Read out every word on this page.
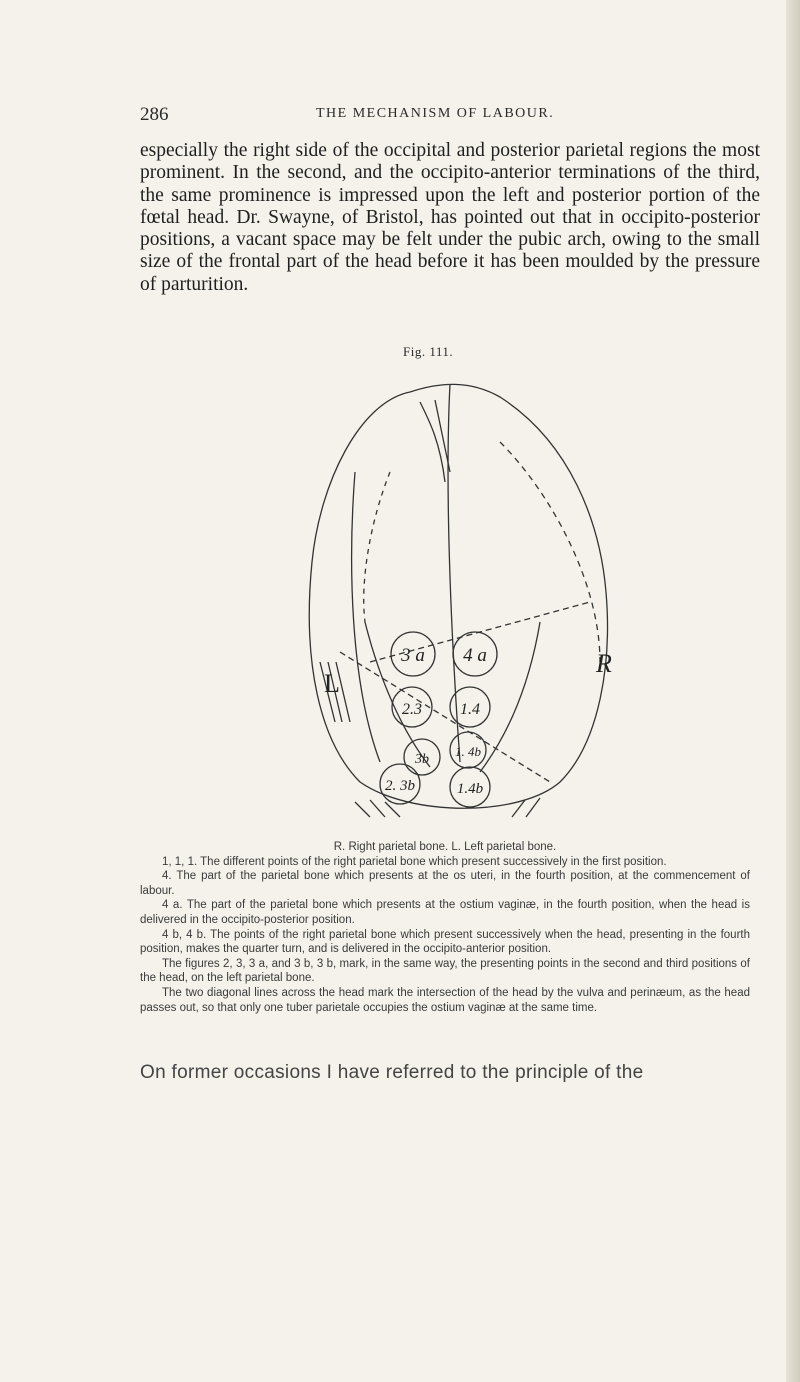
286	THE MECHANISM OF LABOUR.

especially the right side of the occipital and posterior parietal regions the most prominent. In the second, and the occipito-anterior terminations of the third, the same prominence is impressed upon the left and posterior portion of the fœtal head. Dr. Swayne, of Bristol, has pointed out that in occipito-posterior positions, a vacant space may be felt under the pubic arch, owing to the small size of the frontal part of the head before it has been moulded by the pressure of parturition.

Fig. 111.
L
R
3 a 4 a
2.3 1.4
3b
1. 4b
2. 3b	1.4b

R. Right parietal bone. L. Left parietal bone.

1, 1, 1. The different points of the right parietal bone which present successively in the first position.

4. The part of the parietal bone which presents at the os uteri, in the fourth position, at the commencement of labour.

4 a. The part of the parietal bone which presents at the ostium vaginæ, in the fourth position, when the head is delivered in the occipito-posterior position.

4 b, 4 b. The points of the right parietal bone which present successively when the head, presenting in the fourth position, makes the quarter turn, and is delivered in the occipito-anterior position.

The figures 2, 3, 3 a, and 3 b, 3 b, mark, in the same way, the presenting points in the second and third positions of the head, on the left parietal bone.

The two diagonal lines across the head mark the intersection of the head by the vulva and perinæum, as the head passes out, so that only one tuber parietale occupies the ostium vaginæ at the same time.

On former occasions I have referred to the principle of the
